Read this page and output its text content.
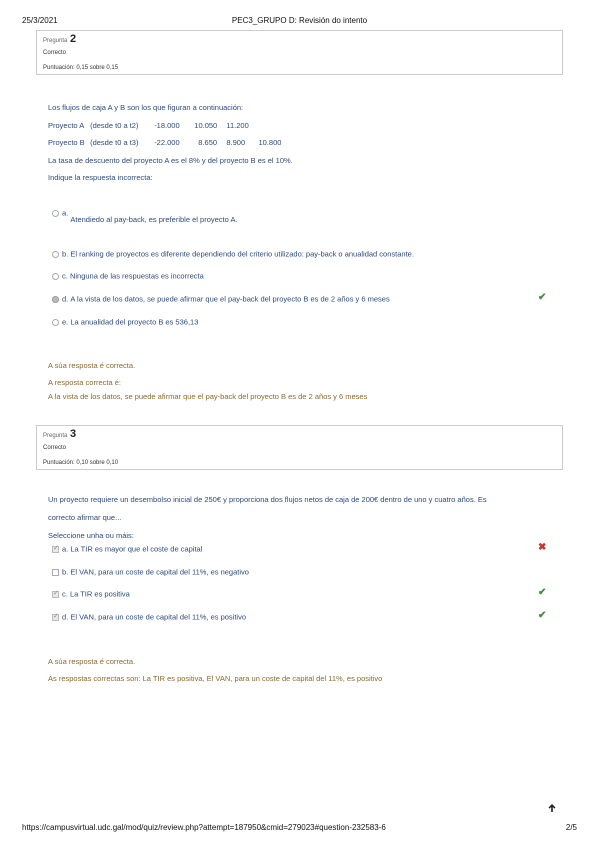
25/3/2021	PEC3_GRUPO D: Revisión do intento
Pregunta 2
Correcto
Puntuación: 0,15 sobre 0,15
Los flujos de caja A y B son los que figuran a continuación:
Proyecto A (desde t0 a t2) -18.000 10.050 11.200
Proyecto B (desde t0 a t3) -22.000 8.650 8.900 10.800
La tasa de descuento del proyecto A es el 8% y del proyecto B es el 10%.
Indique la respuesta incorrecta:
a. Atendiedo al pay-back, es preferible el proyecto A.
b. El ranking de proyectos es diferente dependiendo del criterio utilizado: pay-back o anualidad constante.
c. Ninguna de las respuestas es incorrecta
d. A la vista de los datos, se puede afirmar que el pay-back del proyecto B es de 2 años y 6 meses	✔
e. La anualidad del proyecto B es 536,13
A súa resposta é correcta.
A resposta correcta é:
A la vista de los datos, se puede afirmar que el pay-back del proyecto B es de 2 años y 6 meses
Pregunta 3
Correcto
Puntuación: 0,10 sobre 0,10
Un proyecto requiere un desembolso inicial de 250€ y proporciona dos flujos netos de caja de 200€ dentro de uno y cuatro años. Es
correcto afirmar que...
Seleccione unha ou máis:
✓a. La TIR es mayor que el coste de capital	✖
b. El VAN, para un coste de capital del 11%, es negativo
✓c. La TIR es positiva	✔
✓d. El VAN, para un coste de capital del 11%, es positivo	✔
A súa resposta é correcta.
As respostas correctas son: La TIR es positiva, El VAN, para un coste de capital del 11%, es positivo
https://campusvirtual.udc.gal/mod/quiz/review.php?attempt=187950&cmid=279023#question-232583-6	2/5
